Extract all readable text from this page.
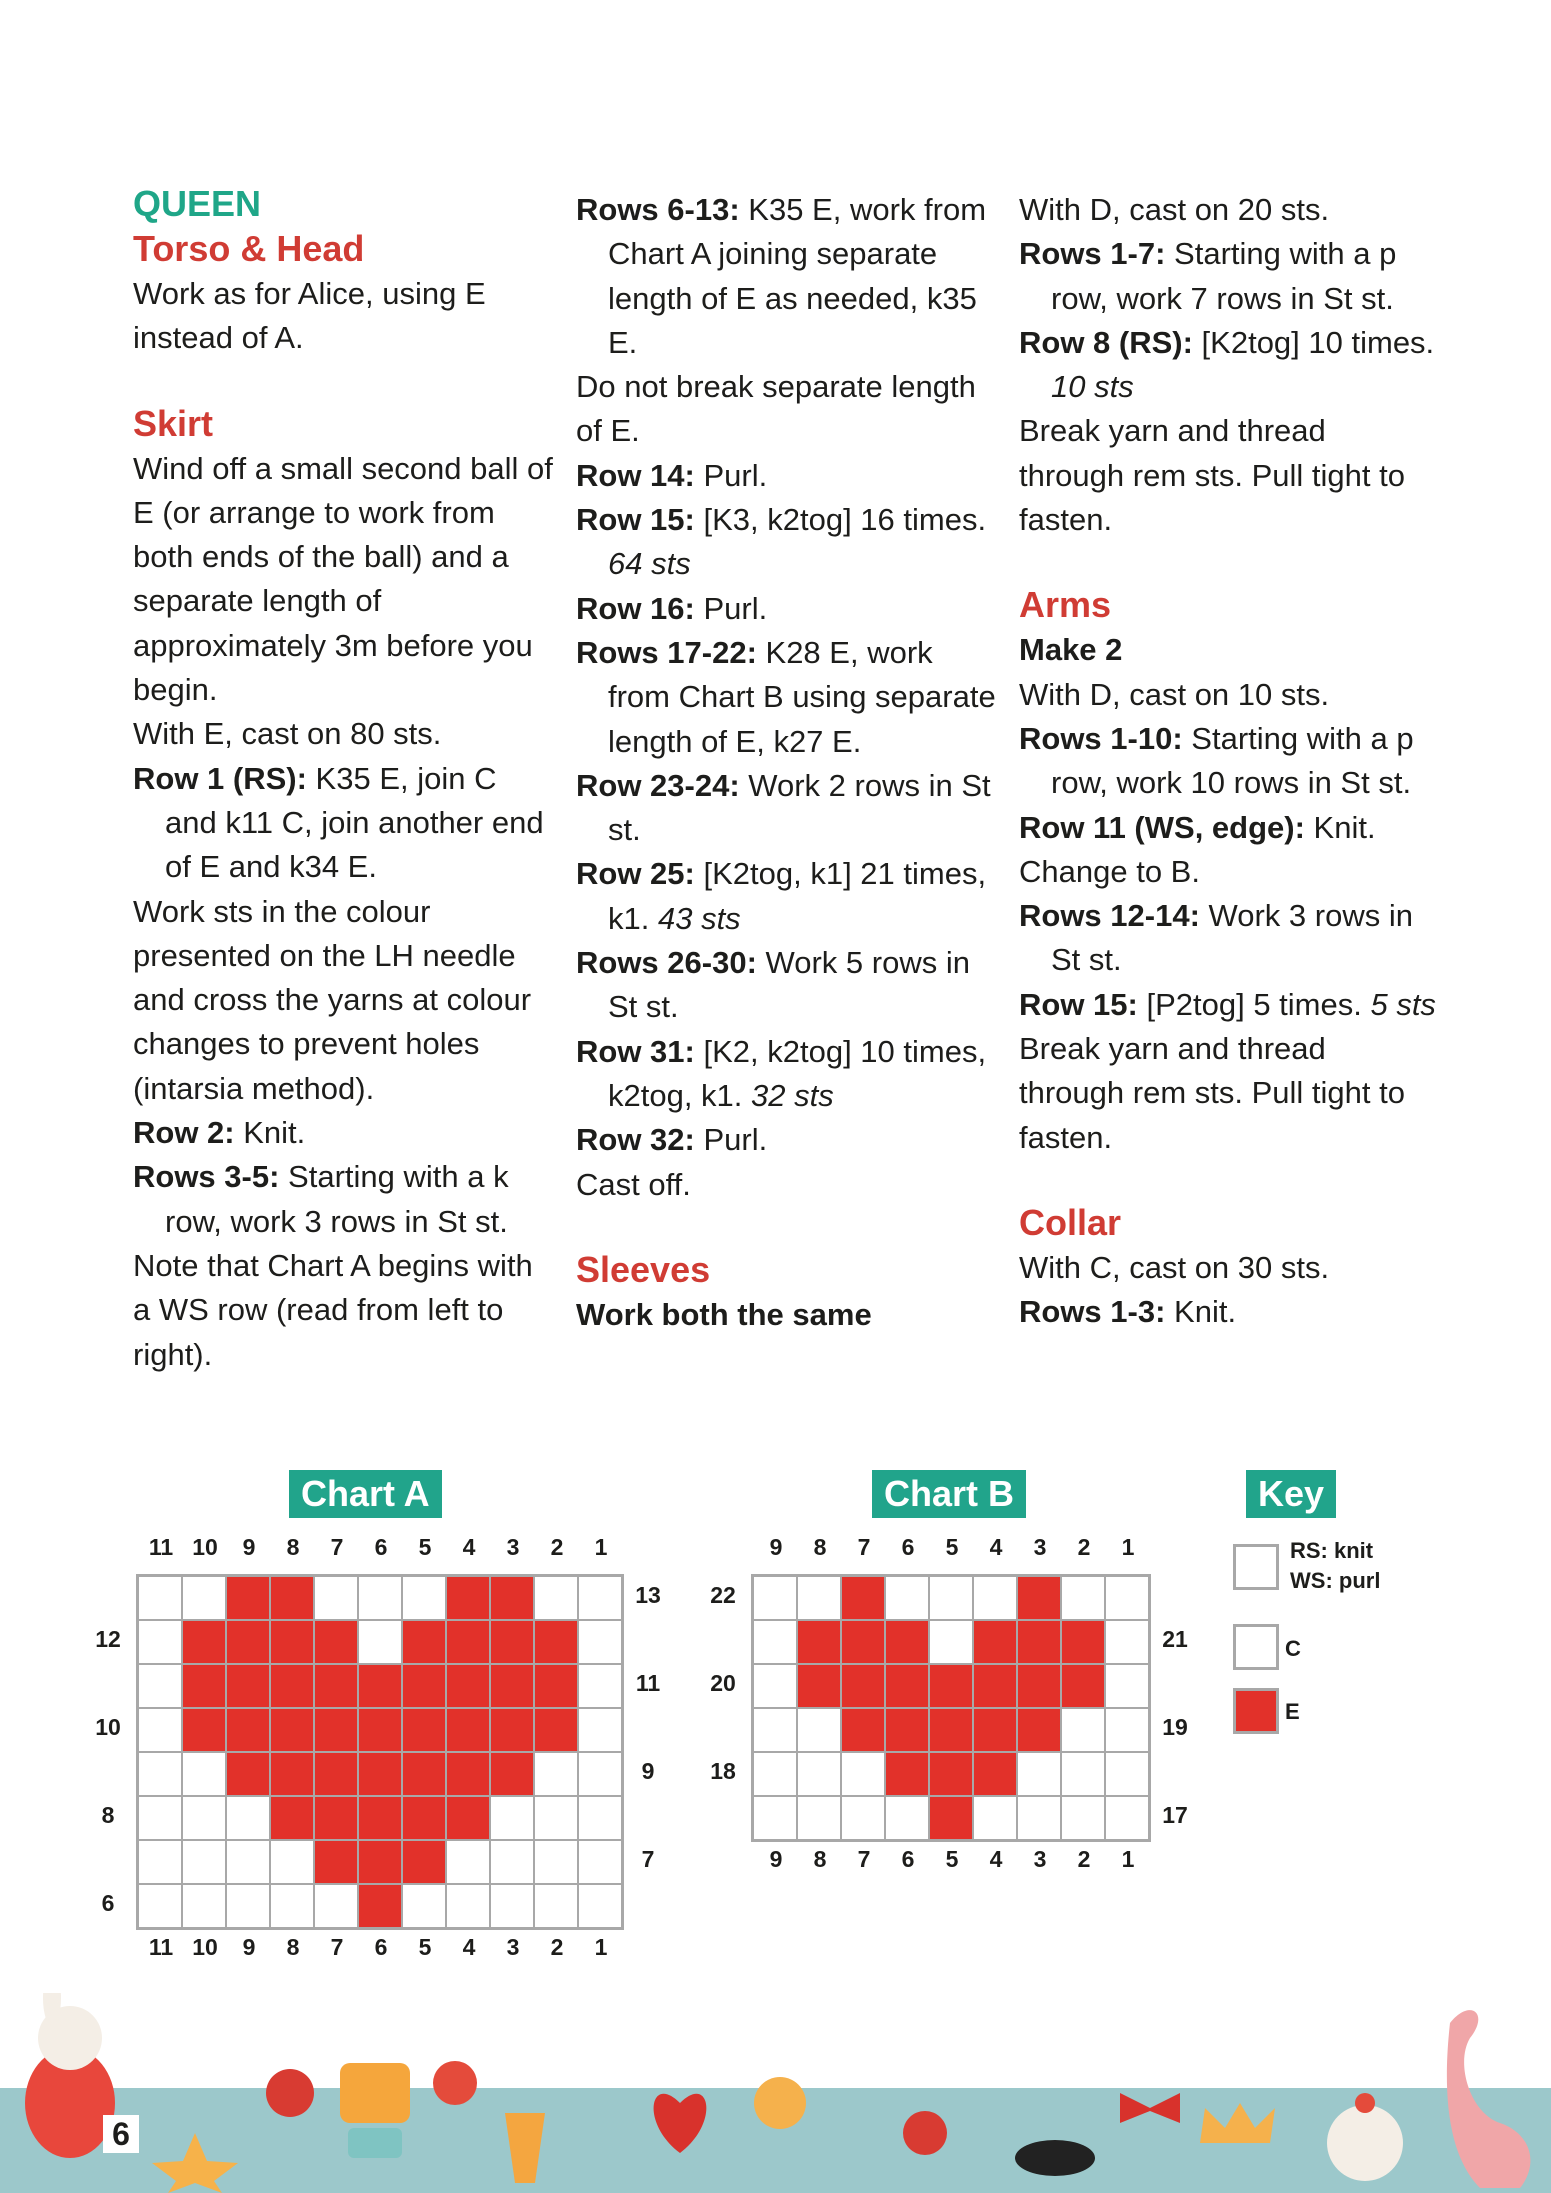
QUEEN

Torso & Head

Work as for Alice, using E instead of A.

Skirt

Wind off a small second ball of E (or arrange to work from both ends of the ball) and a separate length of approximately 3m before you begin.

With E, cast on 80 sts.

Row 1 (RS): K35 E, join C and k11 C, join another end of E and k34 E.

Work sts in the colour presented on the LH needle and cross the yarns at colour changes to prevent holes (intarsia method).

Row 2: Knit.

Rows 3-5: Starting with a k row, work 3 rows in St st.

Note that Chart A begins with a WS row (read from left to right).

Rows 6-13: K35 E, work from Chart A joining separate length of E as needed, k35 E.

Do not break separate length of E.

Row 14: Purl.

Row 15: [K3, k2tog] 16 times. 64 sts

Row 16: Purl.

Rows 17-22: K28 E, work from Chart B using separate length of E, k27 E.

Row 23-24: Work 2 rows in St st.

Row 25: [K2tog, k1] 21 times, k1. 43 sts

Rows 26-30: Work 5 rows in St st.

Row 31: [K2, k2tog] 10 times, k2tog, k1. 32 sts

Row 32: Purl.

Cast off.

Sleeves

Work both the same

With D, cast on 20 sts.

Rows 1-7: Starting with a p row, work 7 rows in St st.

Row 8 (RS): [K2tog] 10 times. 10 sts

Break yarn and thread through rem sts. Pull tight to fasten.

Arms

Make 2

With D, cast on 10 sts.

Rows 1-10: Starting with a p row, work 10 rows in St st.

Row 11 (WS, edge): Knit.

Change to B.

Rows 12-14: Work 3 rows in St st.

Row 15: [P2tog] 5 times. 5 sts

Break yarn and thread through rem sts. Pull tight to fasten.

Collar

With C, cast on 30 sts.

Rows 1-3: Knit.

Chart A
11 10	9	8	7	6	5	4	3	2	1
11 10	9	8	7	6	5	4	3	2	1
12
10
8
6
13
11
9
7
Chart B
9	8	7	6	5	4	3	2	1
9	8	7	6	5	4	3	2	1
22
20
18
21
19
17
Key
RS: knit
WS: purl
C
E
6
